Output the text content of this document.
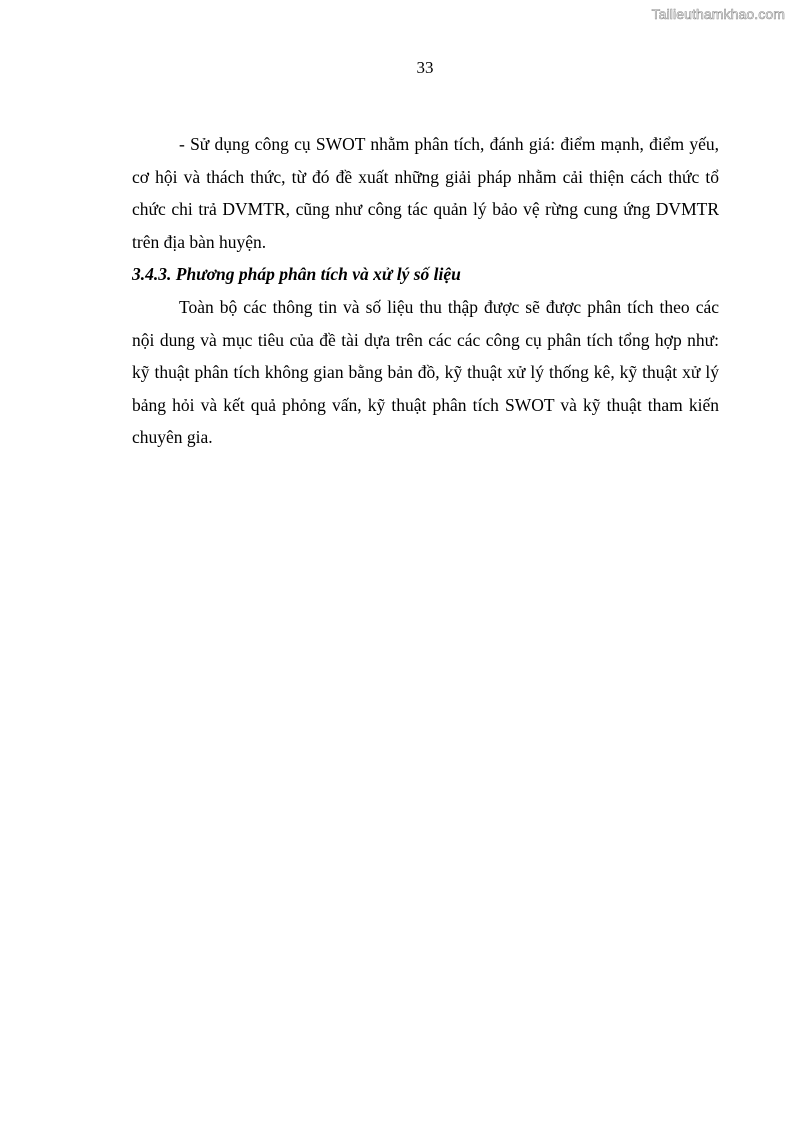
Tailieuthamkhao.com
33

- Sử dụng công cụ SWOT nhằm phân tích, đánh giá: điểm mạnh, điểm yếu, cơ hội và thách thức, từ đó đề xuất những giải pháp nhằm cải thiện cách thức tổ chức chi trả DVMTR, cũng như công tác quản lý bảo vệ rừng cung ứng DVMTR trên địa bàn huyện.

3.4.3. Phương pháp phân tích và xử lý số liệu

Toàn bộ các thông tin và số liệu thu thập được sẽ được phân tích theo các nội dung và mục tiêu của đề tài dựa trên các các công cụ phân tích tổng hợp như: kỹ thuật phân tích không gian bằng bản đồ, kỹ thuật xử lý thống kê, kỹ thuật xử lý bảng hỏi và kết quả phỏng vấn, kỹ thuật phân tích SWOT và kỹ thuật tham kiến chuyên gia.
